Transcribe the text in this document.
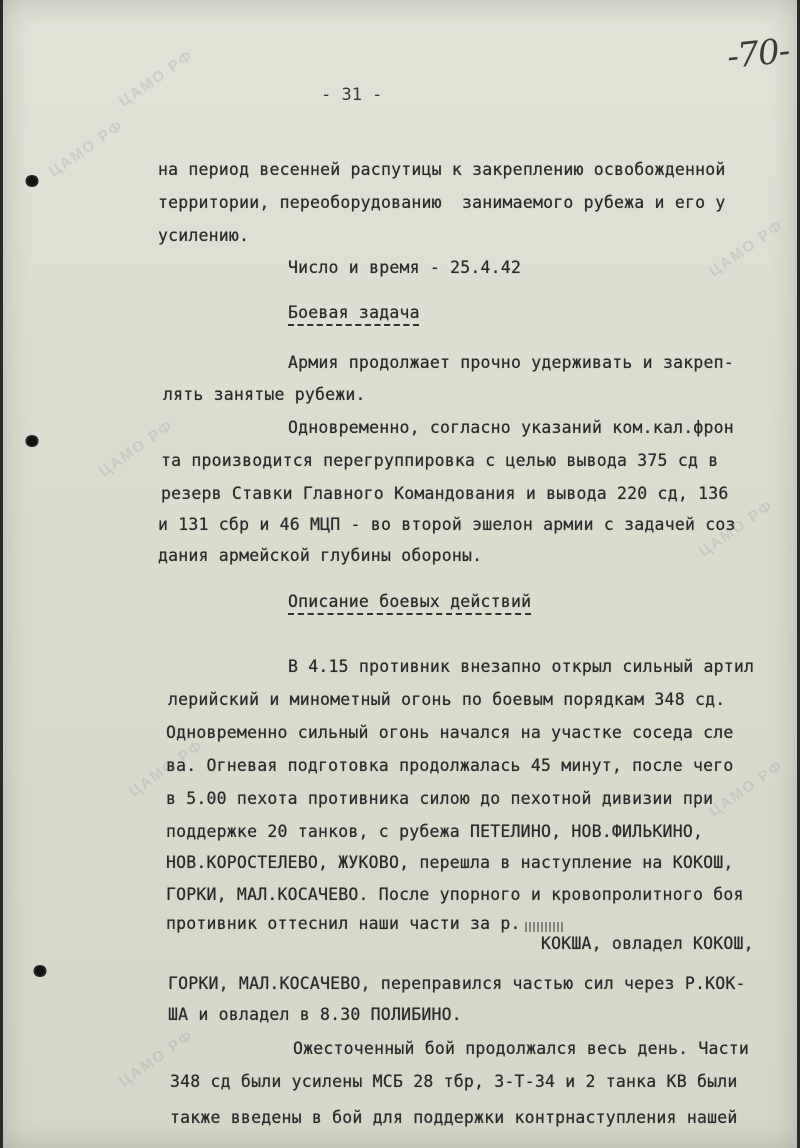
ЦАМО РФ
ЦАМО РФ
ЦАМО РФ
ЦАМО РФ
ЦАМО РФ
ЦАМО РФ	ЦАМО РФ
ЦАМО РФ
-70-
- 31 -
на период весенней распутицы к закреплению освобожденной
территории, переоборудованию  занимаемого рубежа и его у
усилению.
Число и время - 25.4.42
Боевая задача
Армия продолжает прочно удерживать и закреп-
лять занятые рубежи.
Одновременно, согласно указаний ком.кал.фрон
та производится перегруппировка с целью вывода 375 сд в
резерв Ставки Главного Командования и вывода 220 сд, 136
и 131 сбр и 46 МЦП - во второй эшелон армии с задачей соз
дания армейской глубины обороны.
Описание боевых действий
В 4.15 противник внезапно открыл сильный артил
лерийский и минометный огонь по боевым порядкам 348 сд.
Одновременно сильный огонь начался на участке соседа сле
ва. Огневая подготовка продолжалась 45 минут, после чего
в 5.00 пехота противника силою до пехотной дивизии при
поддержке 20 танков, с рубежа ПЕТЕЛИНО, НОВ.ФИЛЬКИНО,
НОВ.КОРОСТЕЛЕВО, ЖУКОВО, перешла в наступление на КОКОШ,
ГОРКИ, МАЛ.КОСАЧЕВО. После упорного и кровопролитного боя
противник оттеснил наши части за р.
КОКША, овладел КОКОШ,
ГОРКИ, МАЛ.КОСАЧЕВО, переправился частью сил через Р.КОК-
ША и овладел в 8.30 ПОЛИБИНО.
Ожесточенный бой продолжался весь день. Части
348 сд были усилены МСБ 28 тбр, 3-Т-34 и 2 танка КВ были
также введены в бой для поддержки контрнаступления нашей
